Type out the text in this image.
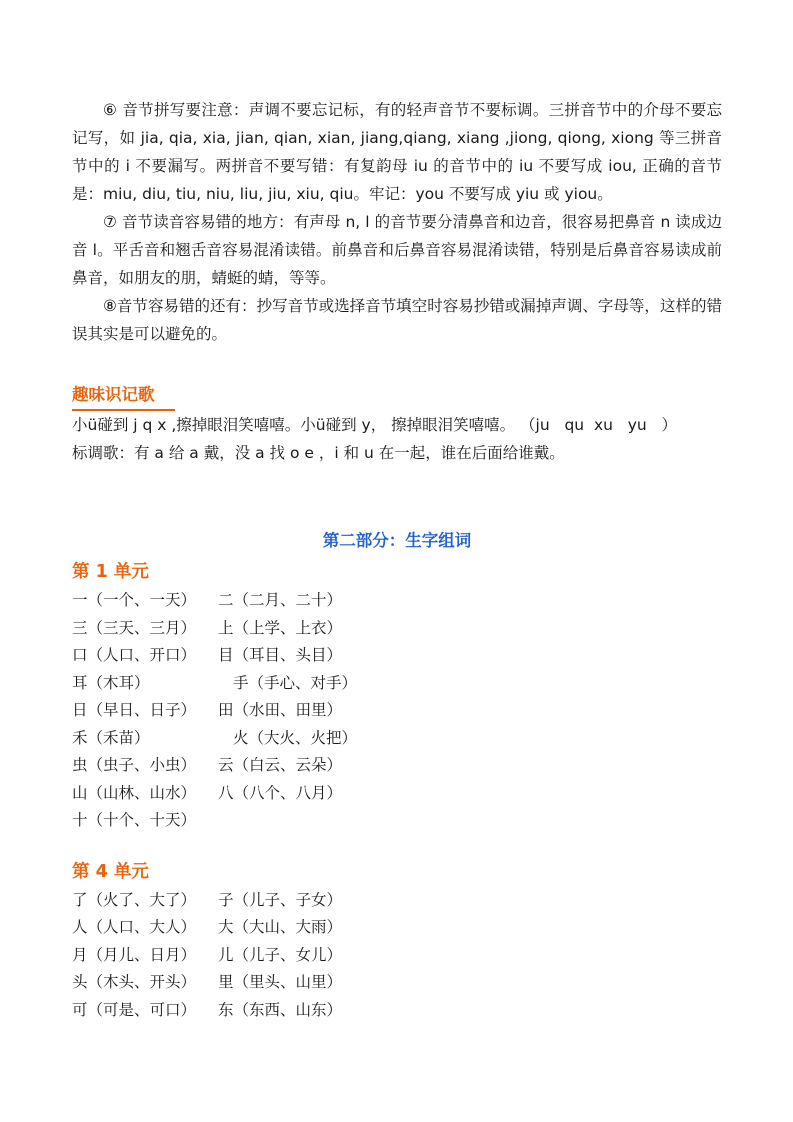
⑥ 音节拼写要注意：声调不要忘记标，有的轻声音节不要标调。三拼音节中的介母不要忘记写，如 jia, qia, xia, jian, qian, xian, jiang,qiang, xiang ,jiong, qiong, xiong 等三拼音节中的 i 不要漏写。两拼音不要写错：有复韵母 iu 的音节中的 iu 不要写成 iou, 正确的音节是：miu, diu, tiu, niu, liu, jiu, xiu, qiu。牢记：you 不要写成 yiu 或 yiou。

⑦ 音节读音容易错的地方：有声母 n, l 的音节要分清鼻音和边音，很容易把鼻音 n 读成边音 l。平舌音和翘舌音容易混淆读错。前鼻音和后鼻音容易混淆读错，特别是后鼻音容易读成前鼻音，如朋友的朋，蜻蜓的蜻，等等。

⑧音节容易错的还有：抄写音节或选择音节填空时容易抄错或漏掉声调、字母等，这样的错误其实是可以避免的。

趣味识记歌

小ü碰到 j q x ,擦掉眼泪笑嘻嘻。小ü碰到 y， 擦掉眼泪笑嘻嘻。 （ju   qu  xu   yu   ）

标调歌：有 a 给 a 戴，没 a 找 o e ，i 和 u 在一起，谁在后面给谁戴。

第二部分：生字组词
第 1 单元
一（一个、一天） 二（二月、二十）
三（三天、三月） 上（上学、上衣）
口（人口、开口） 目（耳目、头目）
耳（木耳）	手（手心、对手）
日（早日、日子） 田（水田、田里）
禾（禾苗）	火（大火、火把）
虫（虫子、小虫） 云（白云、云朵）
山（山林、山水） 八（八个、八月）
十（十个、十天）
第 4 单元
了（火了、大了） 子（儿子、子女）
人（人口、大人） 大（大山、大雨）
月（月儿、日月） 儿（儿子、女儿）
头（木头、开头） 里（里头、山里）
可（可是、可口） 东（东西、山东）
